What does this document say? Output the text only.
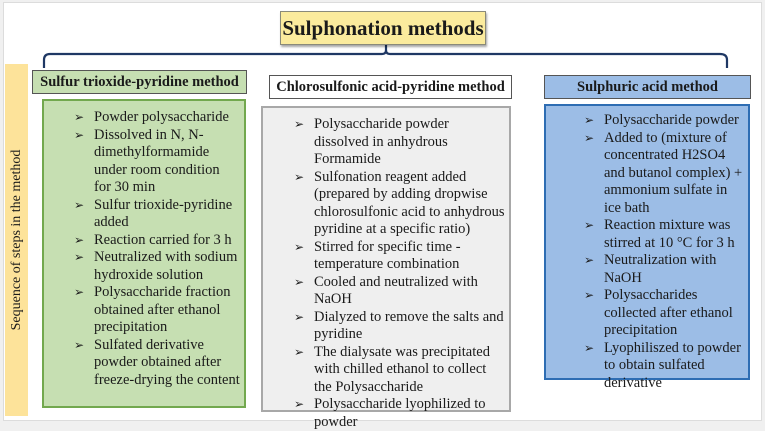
Sulphonation methods
Sequence of steps in the method
Sulfur trioxide-pyridine method
➢ Powder polysaccharide
➢ Dissolved in N, N-dimethylformamide under room condition for 30 min
➢ Sulfur trioxide-pyridine added
➢ Reaction carried for 3 h
➢ Neutralized with sodium hydroxide solution
➢ Polysaccharide fraction obtained after ethanol precipitation
➢ Sulfated derivative powder obtained after freeze-drying the content
Chlorosulfonic acid-pyridine method
➢ Polysaccharide powder dissolved in anhydrous Formamide
➢ Sulfonation reagent added (prepared by adding dropwise chlorosulfonic acid to anhydrous pyridine at a specific ratio)
➢ Stirred for specific time - temperature combination
➢ Cooled and neutralized with NaOH
➢ Dialyzed to remove the salts and pyridine
➢ The dialysate was precipitated with chilled ethanol to collect the Polysaccharide
➢ Polysaccharide lyophilized to powder
Sulphuric acid method
➢ Polysaccharide powder
➢ Added to (mixture of concentrated H2SO4 and butanol complex) + ammonium sulfate in ice bath
➢ Reaction mixture was stirred at 10 °C for 3 h
➢ Neutralization with NaOH
➢ Polysaccharides collected after ethanol precipitation
➢ Lyophiliszed to powder to obtain sulfated derivative
